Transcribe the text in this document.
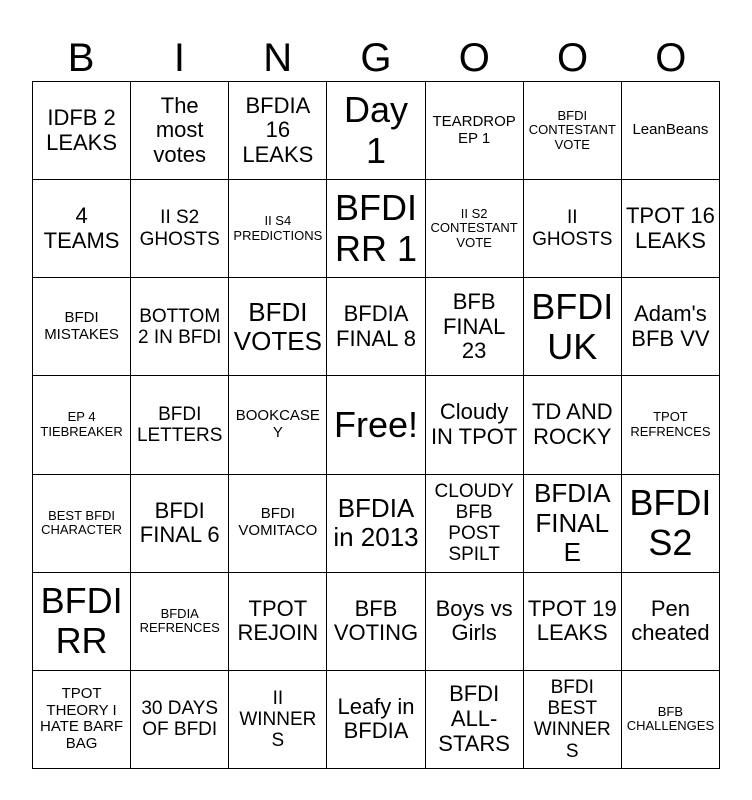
B	I	N	G	O	O	O
IDFB 2 LEAKS	The most votes	BFDIA 16 LEAKS	Day 1	TEARDROP EP 1	BFDI CONTESTANT VOTE	LeanBeans
4 TEAMS	II S2 GHOSTS	II S4 PREDICTIONS	BFDI RR 1	II S2 CONTESTANT VOTE	II GHOSTS	TPOT 16 LEAKS
BFDI MISTAKES	BOTTOM 2 IN BFDI	BFDI VOTES	BFDIA FINAL 8	BFB FINAL 23	BFDI UK	Adam's BFB VV
EP 4 TIEBREAKER	BFDI LETTERS	BOOKCASEY	Free!	Cloudy IN TPOT	TD AND ROCKY	TPOT REFRENCES
BEST BFDI CHARACTER	BFDI FINAL 6	BFDI VOMITACO	BFDIA in 2013	CLOUDY BFB POST SPILT	BFDIA FINALE	BFDI S2
BFDI RR	BFDIA REFRENCES	TPOT REJOIN	BFB VOTING	Boys vs Girls	TPOT 19 LEAKS	Pen cheated
TPOT THEORY I HATE BARF BAG	30 DAYS OF BFDI	II WINNERS	Leafy in BFDIA	BFDI ALL-STARS	BFDI BEST WINNERS	BFB CHALLENGES
